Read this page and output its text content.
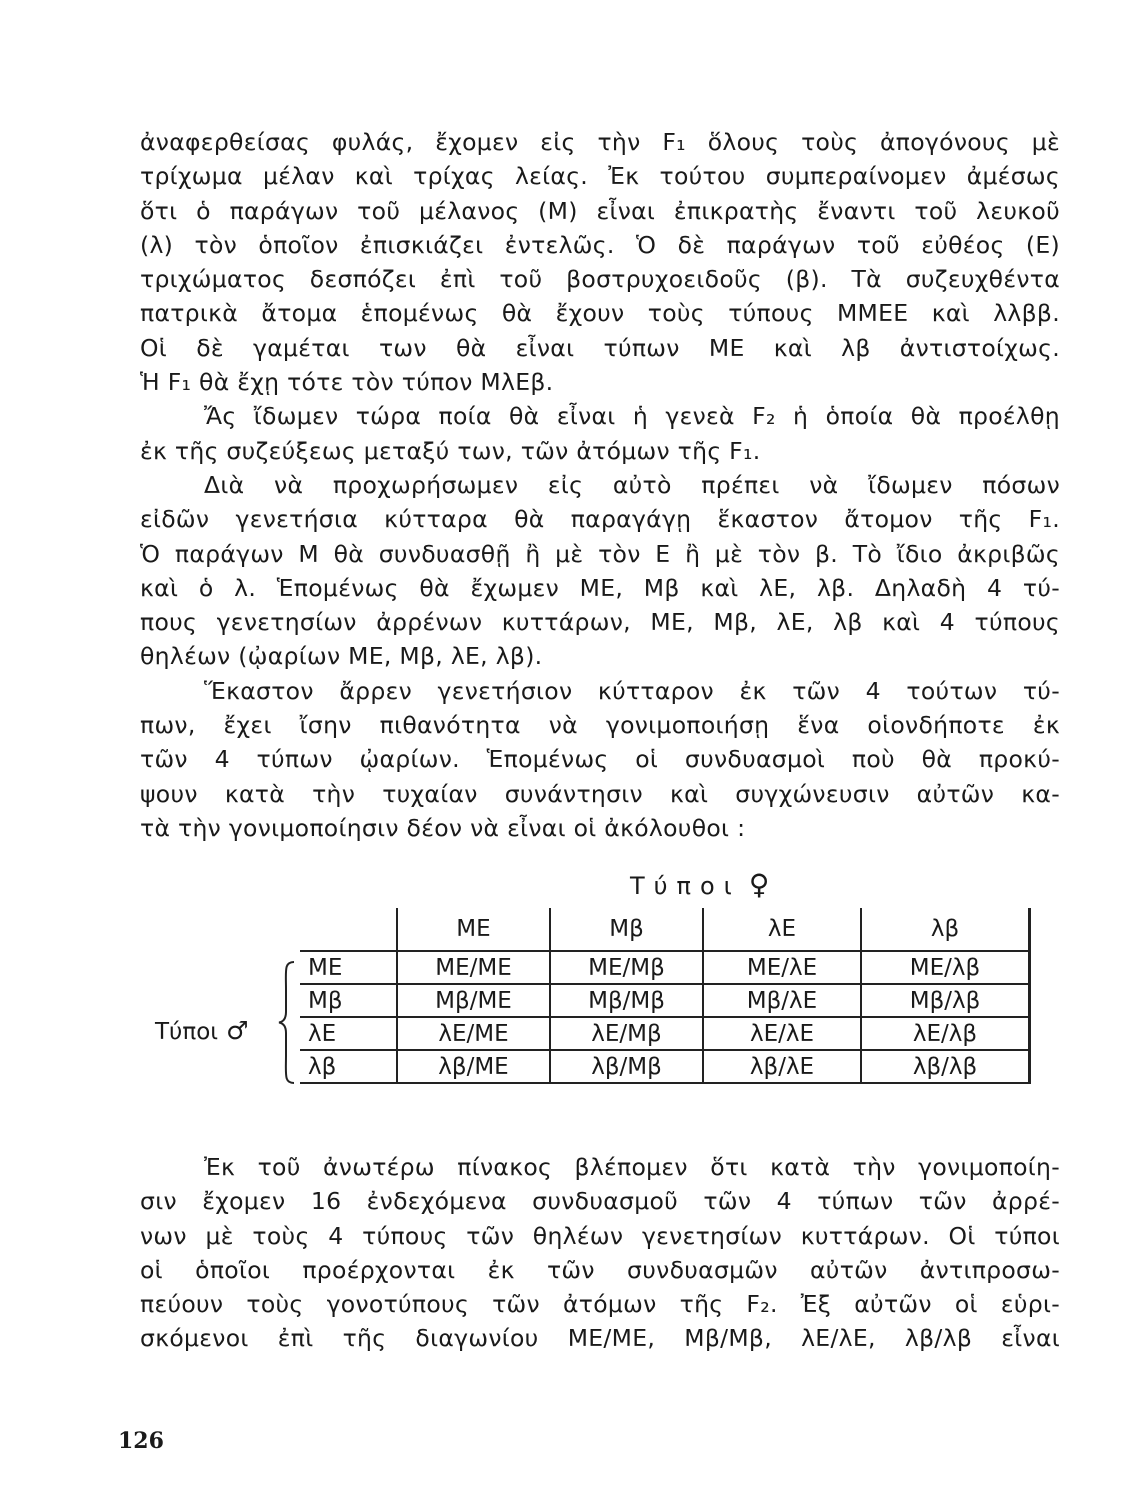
ἀναφερθείσας φυλάς, ἔχομεν εἰς τὴν F₁ ὅλους τοὺς ἀπογόνους μὲ
τρίχωμα μέλαν καὶ τρίχας λείας. Ἐκ τούτου συμπεραίνομεν ἀμέσως
ὅτι ὁ παράγων τοῦ μέλανος (Μ) εἶναι ἐπικρατὴς ἔναντι τοῦ λευκοῦ
(λ) τὸν ὁποῖον ἐπισκιάζει ἐντελῶς. Ὁ δὲ παράγων τοῦ εὐθέος (Ε)
τριχώματος δεσπόζει ἐπὶ τοῦ βοστρυχοειδοῦς (β). Τὰ συζευχθέντα
πατρικὰ ἄτομα ἑπομένως θὰ ἔχουν τοὺς τύπους ΜΜΕΕ καὶ λλββ.
Οἱ δὲ γαμέται των θὰ εἶναι τύπων ΜΕ καὶ λβ ἀντιστοίχως.
Ἡ F₁ θὰ ἔχῃ τότε τὸν τύπον ΜλΕβ.
Ἄς ἴδωμεν τώρα ποία θὰ εἶναι ἡ γενεὰ F₂ ἡ ὁποία θὰ προέλθῃ
ἐκ τῆς συζεύξεως μεταξύ των, τῶν ἀτόμων τῆς F₁.
Διὰ νὰ προχωρήσωμεν εἰς αὐτὸ πρέπει νὰ ἴδωμεν πόσων
εἰδῶν γενετήσια κύτταρα θὰ παραγάγῃ ἕκαστον ἄτομον τῆς F₁.
Ὁ παράγων Μ θὰ συνδυασθῇ ἢ μὲ τὸν Ε ἢ μὲ τὸν β. Τὸ ἴδιο ἀκριβῶς
καὶ ὁ λ. Ἑπομένως θὰ ἔχωμεν ΜΕ, Μβ καὶ λΕ, λβ. Δηλαδὴ 4 τύ-
πους γενετησίων ἀρρένων κυττάρων, ΜΕ, Μβ, λΕ, λβ καὶ 4 τύπους
θηλέων (ᾠαρίων ΜΕ, Μβ, λΕ, λβ).
Ἕκαστον ἄρρεν γενετήσιον κύτταρον ἐκ τῶν 4 τούτων τύ-
πων, ἔχει ἴσην πιθανότητα νὰ γονιμοποιήσῃ ἕνα οἱονδήποτε ἐκ
τῶν 4 τύπων ᾠαρίων. Ἑπομένως οἱ συνδυασμοὶ ποὺ θὰ προκύ-
ψουν κατὰ τὴν τυχαίαν συνάντησιν καὶ συγχώνευσιν αὐτῶν κα-
τὰ τὴν γονιμοποίησιν δέον νὰ εἶναι οἱ ἀκόλουθοι :
Τύποι ♀
Τύποι ♂
	ΜΕ	Μβ	λΕ	λβ
ΜΕ	ΜΕ/ΜΕ	ΜΕ/Μβ	ΜΕ/λΕ	ΜΕ/λβ
Μβ	Μβ/ΜΕ	Μβ/Μβ	Μβ/λΕ	Μβ/λβ
λΕ	λΕ/ΜΕ	λΕ/Μβ	λΕ/λΕ	λΕ/λβ
λβ	λβ/ΜΕ	λβ/Μβ	λβ/λΕ	λβ/λβ
Ἐκ τοῦ ἀνωτέρω πίνακος βλέπομεν ὅτι κατὰ τὴν γονιμοποίη-
σιν ἔχομεν 16 ἐνδεχόμενα συνδυασμοῦ τῶν 4 τύπων τῶν ἀρρέ-
νων μὲ τοὺς 4 τύπους τῶν θηλέων γενετησίων κυττάρων. Οἱ τύποι
οἱ ὁποῖοι προέρχονται ἐκ τῶν συνδυασμῶν αὐτῶν ἀντιπροσω-
πεύουν τοὺς γονοτύπους τῶν ἀτόμων τῆς F₂. Ἐξ αὐτῶν οἱ εὑρι-
σκόμενοι ἐπὶ τῆς διαγωνίου ΜΕ/ΜΕ, Μβ/Μβ, λΕ/λΕ, λβ/λβ εἶναι
126
